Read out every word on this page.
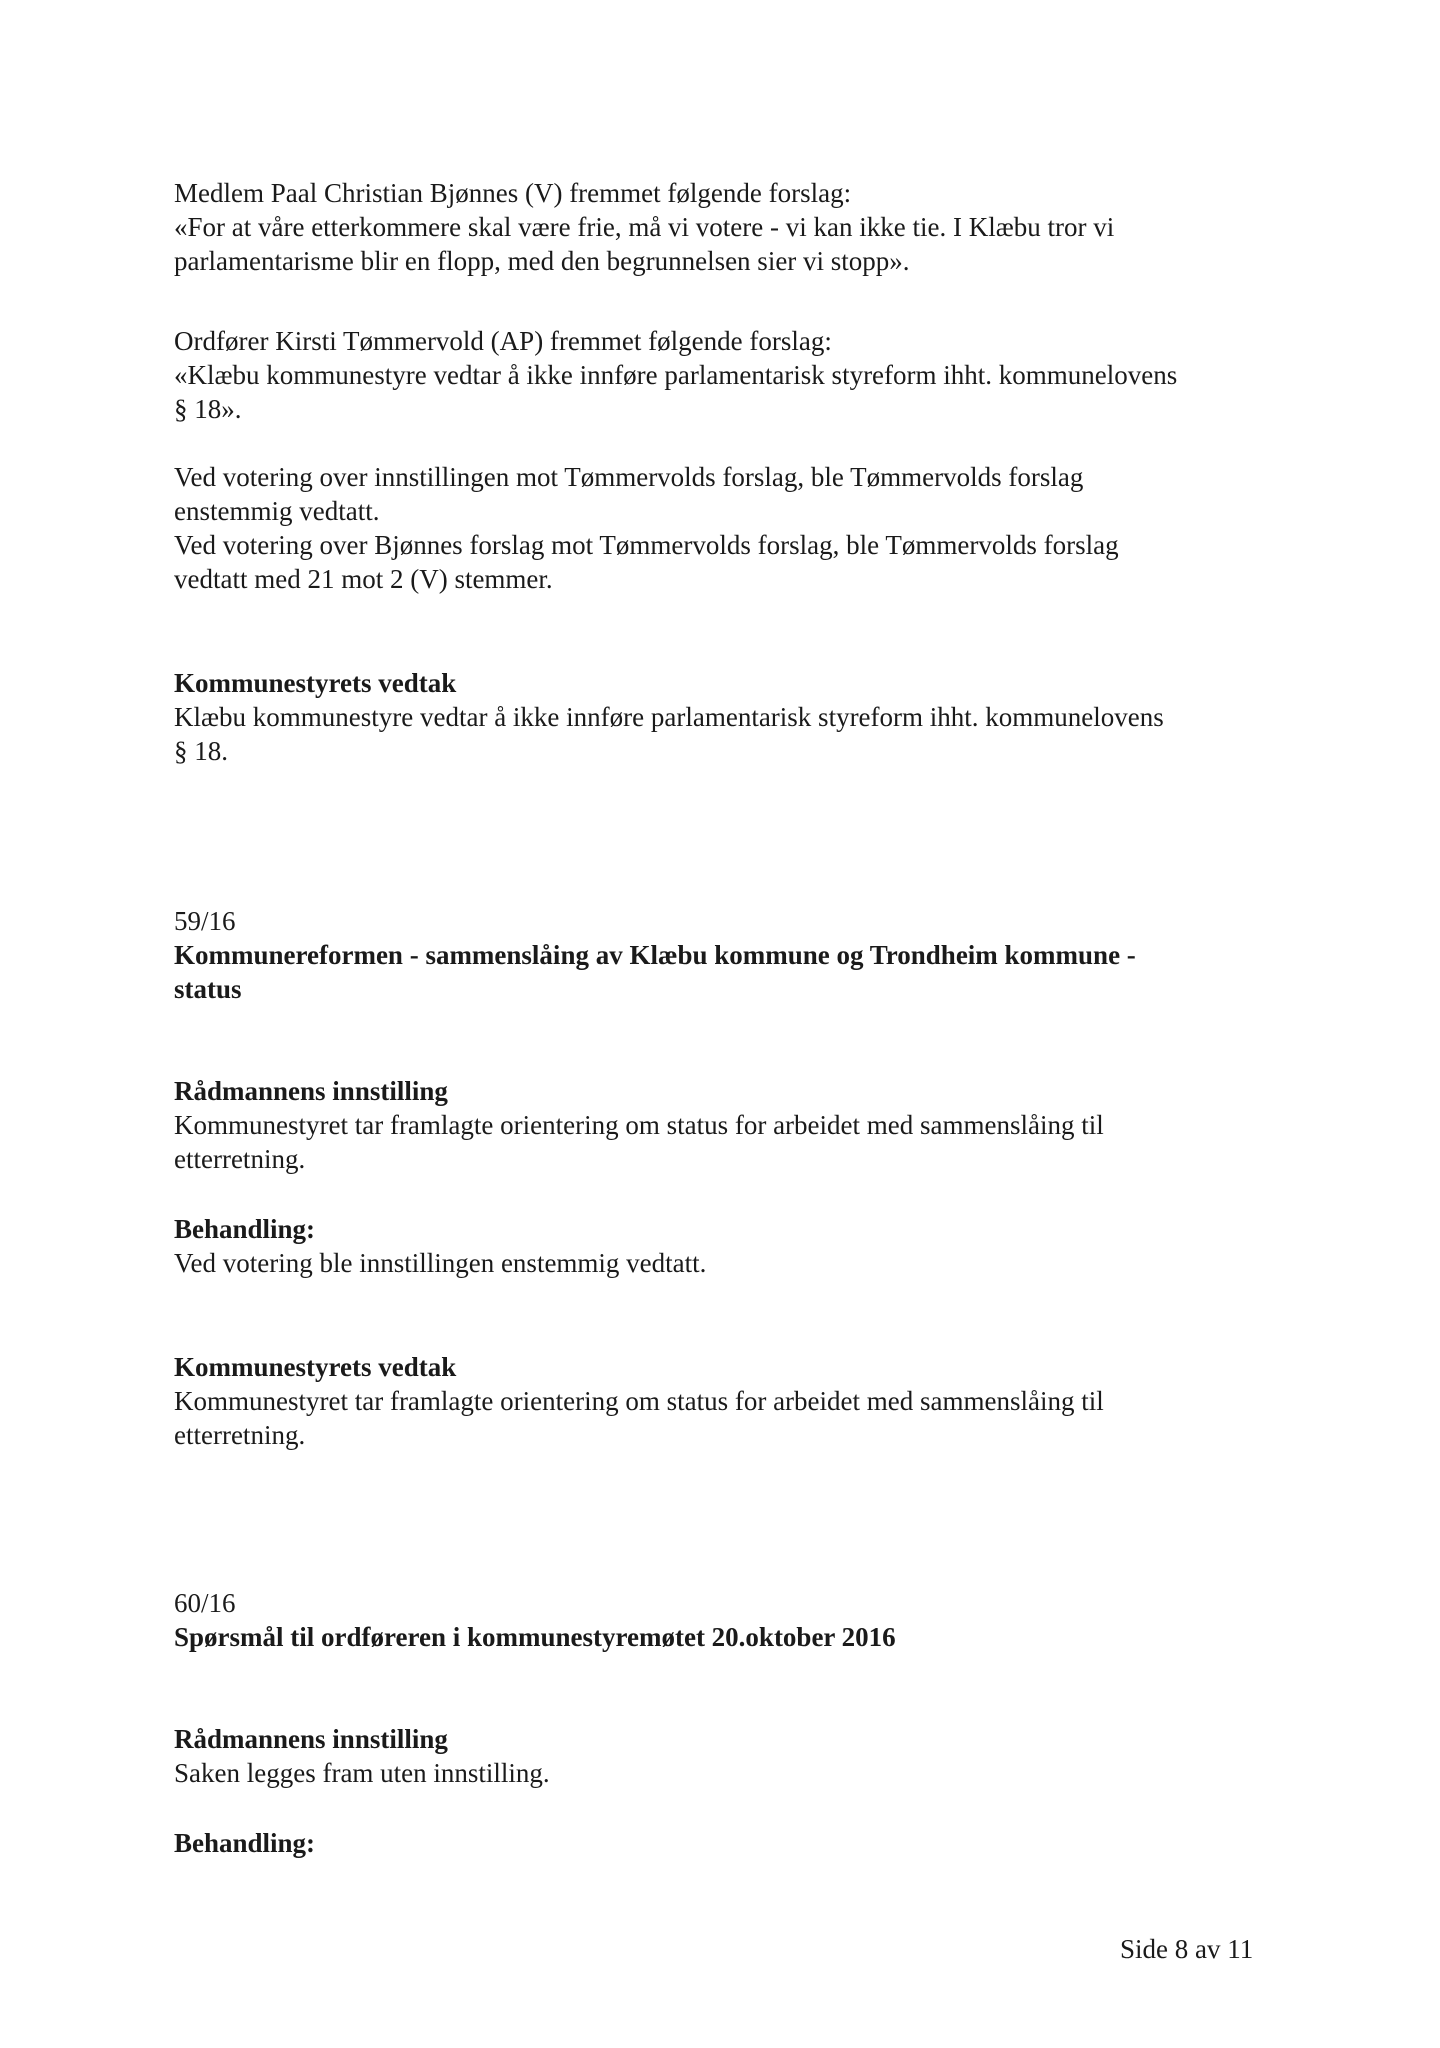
Medlem Paal Christian Bjønnes (V) fremmet følgende forslag:

«For at våre etterkommere skal være frie, må vi votere - vi kan ikke tie. I Klæbu tror vi

parlamentarisme blir en flopp, med den begrunnelsen sier vi stopp».

Ordfører Kirsti Tømmervold (AP) fremmet følgende forslag:

«Klæbu kommunestyre vedtar å ikke innføre parlamentarisk styreform ihht. kommunelovens

§ 18».

Ved votering over innstillingen mot Tømmervolds forslag, ble Tømmervolds forslag

enstemmig vedtatt.

Ved votering over Bjønnes forslag mot Tømmervolds forslag, ble Tømmervolds forslag

vedtatt med 21 mot 2 (V) stemmer.

Kommunestyrets vedtak

Klæbu kommunestyre vedtar å ikke innføre parlamentarisk styreform ihht. kommunelovens

§ 18.

59/16

Kommunereformen - sammenslåing av Klæbu kommune og Trondheim kommune -

status

Rådmannens innstilling

Kommunestyret tar framlagte orientering om status for arbeidet med sammenslåing til

etterretning.

Behandling:

Ved votering ble innstillingen enstemmig vedtatt.

Kommunestyrets vedtak

Kommunestyret tar framlagte orientering om status for arbeidet med sammenslåing til

etterretning.

60/16

Spørsmål til ordføreren i kommunestyremøtet 20.oktober 2016

Rådmannens innstilling

Saken legges fram uten innstilling.

Behandling:

Side 8 av 11
